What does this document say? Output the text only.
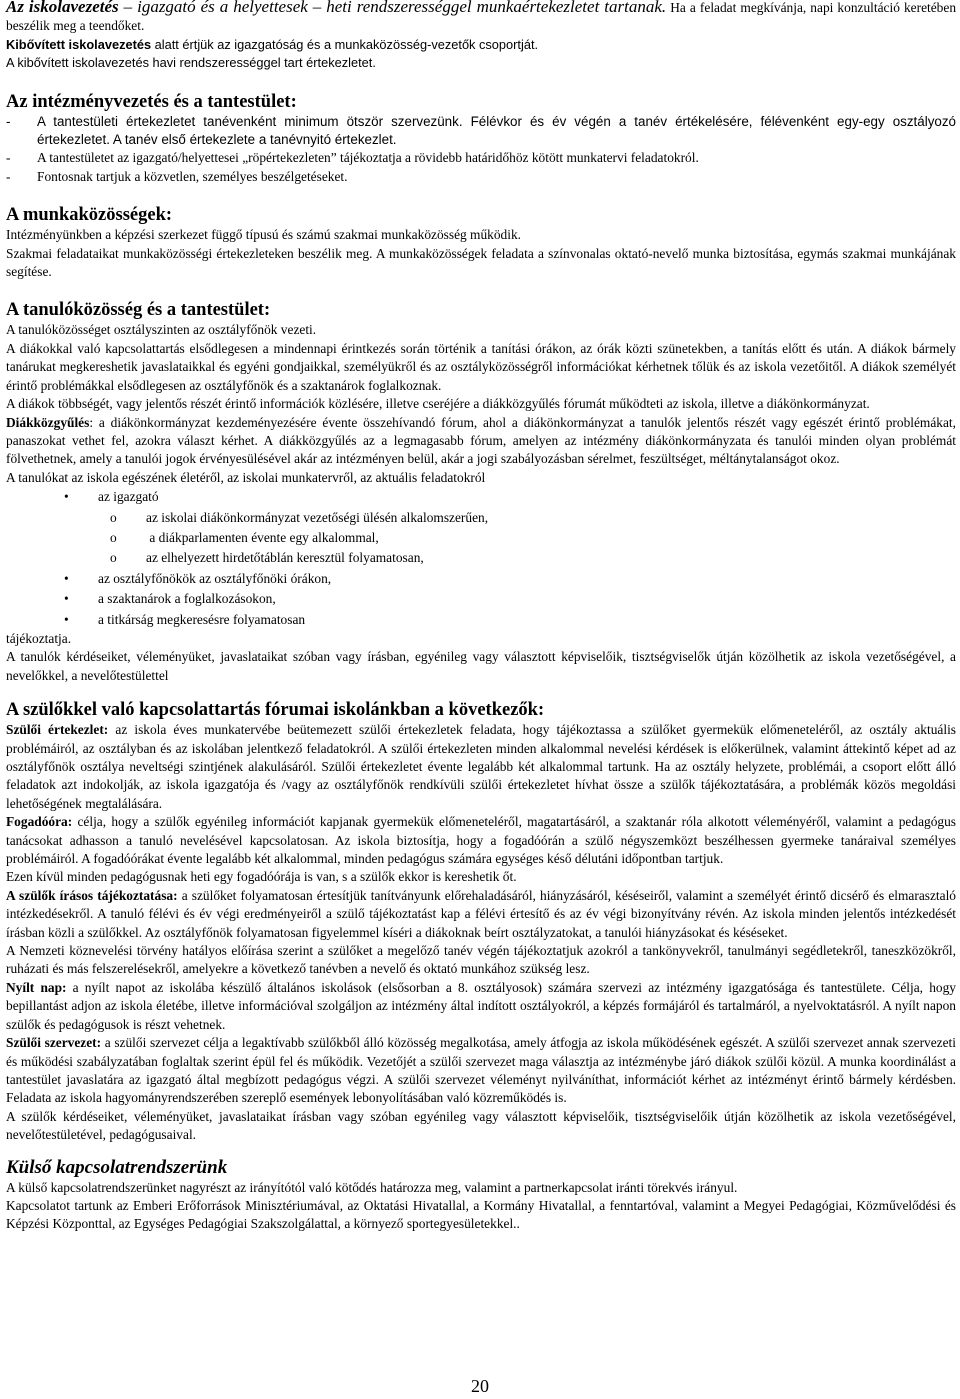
Az iskolavezetés – igazgató és a helyettesek – heti rendszerességgel munkaértekezletet tartanak. Ha a feladat megkívánja, napi konzultáció keretében beszélik meg a teendőket.

Kibővített iskolavezetés alatt értjük az igazgatóság és a munkaközösség-vezetők csoportját.

A kibővített iskolavezetés havi rendszerességgel tart értekezletet.

Az intézményvezetés és a tantestület:
-	A tantestületi értekezletet tanévenként minimum ötször szervezünk. Félévkor és év végén a tanév értékelésére, félévenként egy-egy osztályozó értekezletet. A tanév első értekezlete a tanévnyitó értekezlet.
-	A tantestületet az igazgató/helyettesei „röpértekezleten” tájékoztatja a rövidebb határidőhöz kötött munkatervi feladatokról.
-	Fontosnak tartjuk a közvetlen, személyes beszélgetéseket.
A munkaközösségek:

Intézményünkben a képzési szerkezet függő típusú és számú szakmai munkaközösség működik.

Szakmai feladataikat munkaközösségi értekezleteken beszélik meg. A munkaközösségek feladata a színvonalas oktató-nevelő munka biztosítása, egymás szakmai munkájának segítése.

A tanulóközösség és a tantestület:

A tanulóközösséget osztályszinten az osztályfőnök vezeti.

A diákokkal való kapcsolattartás elsődlegesen a mindennapi érintkezés során történik a tanítási órákon, az órák közti szünetekben, a tanítás előtt és után. A diákok bármely tanárukat megkereshetik javaslataikkal és egyéni gondjaikkal, személyükről és az osztályközösségről információkat kérhetnek tőlük és az iskola vezetőitől. A diákok személyét érintő problémákkal elsődlegesen az osztályfőnök és a szaktanárok foglalkoznak.

A diákok többségét, vagy jelentős részét érintő információk közlésére, illetve cseréjére a diákközgyűlés fórumát működteti az iskola, illetve a diákönkormányzat.

Diákközgyűlés: a diákönkormányzat kezdeményezésére évente összehívandó fórum, ahol a diákönkormányzat a tanulók jelentős részét vagy egészét érintő problémákat, panaszokat vethet fel, azokra választ kérhet. A diákközgyűlés az a legmagasabb fórum, amelyen az intézmény diákönkormányzata és tanulói minden olyan problémát fölvethetnek, amely a tanulói jogok érvényesülésével akár az intézményen belül, akár a jogi szabályozásban sérelmet, feszültséget, méltánytalanságot okoz.

A tanulókat az iskola egészének életéről, az iskolai munkatervről, az aktuális feladatokról

•	az igazgató
o	az iskolai diákönkormányzat vezetőségi ülésén alkalomszerűen,
o	a diákparlamenten évente egy alkalommal,
o	az elhelyezett hirdetőtáblán keresztül folyamatosan,
•	az osztályfőnökök az osztályfőnöki órákon,
•	a szaktanárok a foglalkozásokon,
•	a titkárság megkeresésre folyamatosan

tájékoztatja.

A tanulók kérdéseiket, véleményüket, javaslataikat szóban vagy írásban, egyénileg vagy választott képviselőik, tisztségviselők útján közölhetik az iskola vezetőségével, a nevelőkkel, a nevelőtestülettel

A szülőkkel való kapcsolattartás fórumai iskolánkban a következők:

Szülői értekezlet: az iskola éves munkatervébe beütemezett szülői értekezletek feladata, hogy tájékoztassa a szülőket gyermekük előmeneteléről, az osztály aktuális problémáiról, az osztályban és az iskolában jelentkező feladatokról. A szülői értekezleten minden alkalommal nevelési kérdések is előkerülnek, valamint áttekintő képet ad az osztályfőnök osztálya neveltségi szintjének alakulásáról. Szülői értekezletet évente legalább két alkalommal tartunk. Ha az osztály helyzete, problémái, a csoport előtt álló feladatok azt indokolják, az iskola igazgatója és /vagy az osztályfőnök rendkívüli szülői értekezletet hívhat össze a szülők tájékoztatására, a problémák közös megoldási lehetőségének megtalálására.

Fogadóóra: célja, hogy a szülők egyénileg információt kapjanak gyermekük előmeneteléről, magatartásáról, a szaktanár róla alkotott véleményéről, valamint a pedagógus tanácsokat adhasson a tanuló nevelésével kapcsolatosan. Az iskola biztosítja, hogy a fogadóórán a szülő négyszemközt beszélhessen gyermeke tanáraival személyes problémáiról. A fogadóórákat évente legalább két alkalommal, minden pedagógus számára egységes késő délutáni időpontban tartjuk.

Ezen kívül minden pedagógusnak heti egy fogadóórája is van, s a szülők ekkor is kereshetik őt.

A szülők írásos tájékoztatása: a szülőket folyamatosan értesítjük tanítványunk előrehaladásáról, hiányzásáról, késéseiről, valamint a személyét érintő dicsérő és elmarasztaló intézkedésekről. A tanuló félévi és év végi eredményeiről a szülő tájékoztatást kap a félévi értesítő és az év végi bizonyítvány révén. Az iskola minden jelentős intézkedését írásban közli a szülőkkel. Az osztályfőnök folyamatosan figyelemmel kíséri a diákoknak beírt osztályzatokat, a tanulói hiányzásokat és késéseket.

A Nemzeti köznevelési törvény hatályos előírása szerint a szülőket a megelőző tanév végén tájékoztatjuk azokról a tankönyvekről, tanulmányi segédletekről, taneszközökről, ruházati és más felszerelésekről, amelyekre a következő tanévben a nevelő és oktató munkához szükség lesz.

Nyílt nap: a nyílt napot az iskolába készülő általános iskolások (elsősorban a 8. osztályosok) számára szervezi az intézmény igazgatósága és tantestülete. Célja, hogy bepillantást adjon az iskola életébe, illetve információval szolgáljon az intézmény által indított osztályokról, a képzés formájáról és tartalmáról, a nyelvoktatásról. A nyílt napon szülők és pedagógusok is részt vehetnek.

Szülői szervezet: a szülői szervezet célja a legaktívabb szülőkből álló közösség megalkotása, amely átfogja az iskola működésének egészét. A szülői szervezet annak szervezeti és működési szabályzatában foglaltak szerint épül fel és működik. Vezetőjét a szülői szervezet maga választja az intézménybe járó diákok szülői közül. A munka koordinálást a tantestület javaslatára az igazgató által megbízott pedagógus végzi. A szülői szervezet véleményt nyilváníthat, információt kérhet az intézményt érintő bármely kérdésben. Feladata az iskola hagyományrendszerében szereplő események lebonyolításában való közreműködés is.

A szülők kérdéseiket, véleményüket, javaslataikat írásban vagy szóban egyénileg vagy választott képviselőik, tisztségviselőik útján közölhetik az iskola vezetőségével, nevelőtestületével, pedagógusaival.

Külső kapcsolatrendszerünk

A külső kapcsolatrendszerünket nagyrészt az irányítótól való kötődés határozza meg, valamint a partnerkapcsolat iránti törekvés irányul.

Kapcsolatot tartunk az Emberi Erőforrások Minisztériumával, az Oktatási Hivatallal, a Kormány Hivatallal, a fenntartóval, valamint a Megyei Pedagógiai, Közművelődési és Képzési Központtal, az Egységes Pedagógiai Szakszolgálattal, a környező sportegyesületekkel..

20
